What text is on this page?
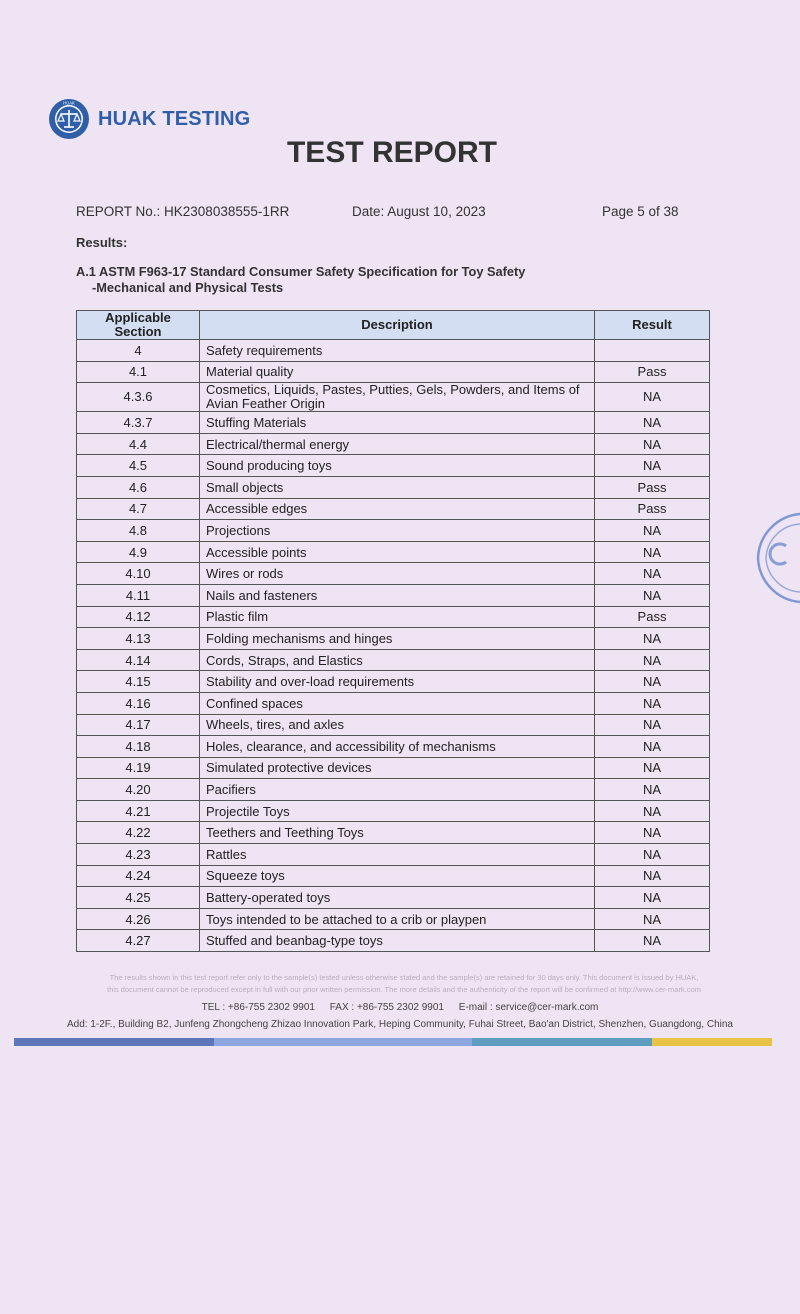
HUAK
HUAK TESTING
TEST REPORT
REPORT No.: HK2308038555-1RR	Date: August 10, 2023	Page 5 of 38
Results:
A.1 ASTM F963-17 Standard Consumer Safety Specification for Toy Safety
-Mechanical and Physical Tests
Applicable
Section	Description	Result
4	Safety requirements	
4.1	Material quality	Pass
4.3.6	Cosmetics, Liquids, Pastes, Putties, Gels, Powders, and Items of Avian Feather Origin	NA
4.3.7	Stuffing Materials	NA
4.4	Electrical/thermal energy	NA
4.5	Sound producing toys	NA
4.6	Small objects	Pass
4.7	Accessible edges	Pass
4.8	Projections	NA
4.9	Accessible points	NA
4.10	Wires or rods	NA
4.11	Nails and fasteners	NA
4.12	Plastic film	Pass
4.13	Folding mechanisms and hinges	NA
4.14	Cords, Straps, and Elastics	NA
4.15	Stability and over-load requirements	NA
4.16	Confined spaces	NA
4.17	Wheels, tires, and axles	NA
4.18	Holes, clearance, and accessibility of mechanisms	NA
4.19	Simulated protective devices	NA
4.20	Pacifiers	NA
4.21	Projectile Toys	NA
4.22	Teethers and Teething Toys	NA
4.23	Rattles	NA
4.24	Squeeze toys	NA
4.25	Battery-operated toys	NA
4.26	Toys intended to be attached to a crib or playpen	NA
4.27	Stuffed and beanbag-type toys	NA
The results shown in this test report refer only to the sample(s) tested unless otherwise stated and the sample(s) are retained for 30 days only. This document is issued by HUAK,
this document cannot be reproduced except in full with our prior written permission. The more details and the authenticity of the report will be confirmed at http://www.cer-mark.com
TEL : +86-755 2302 9901 FAX : +86-755 2302 9901 E-mail : service@cer-mark.com
Add: 1-2F., Building B2, Junfeng Zhongcheng Zhizao Innovation Park, Heping Community, Fuhai Street, Bao'an District, Shenzhen, Guangdong, China
